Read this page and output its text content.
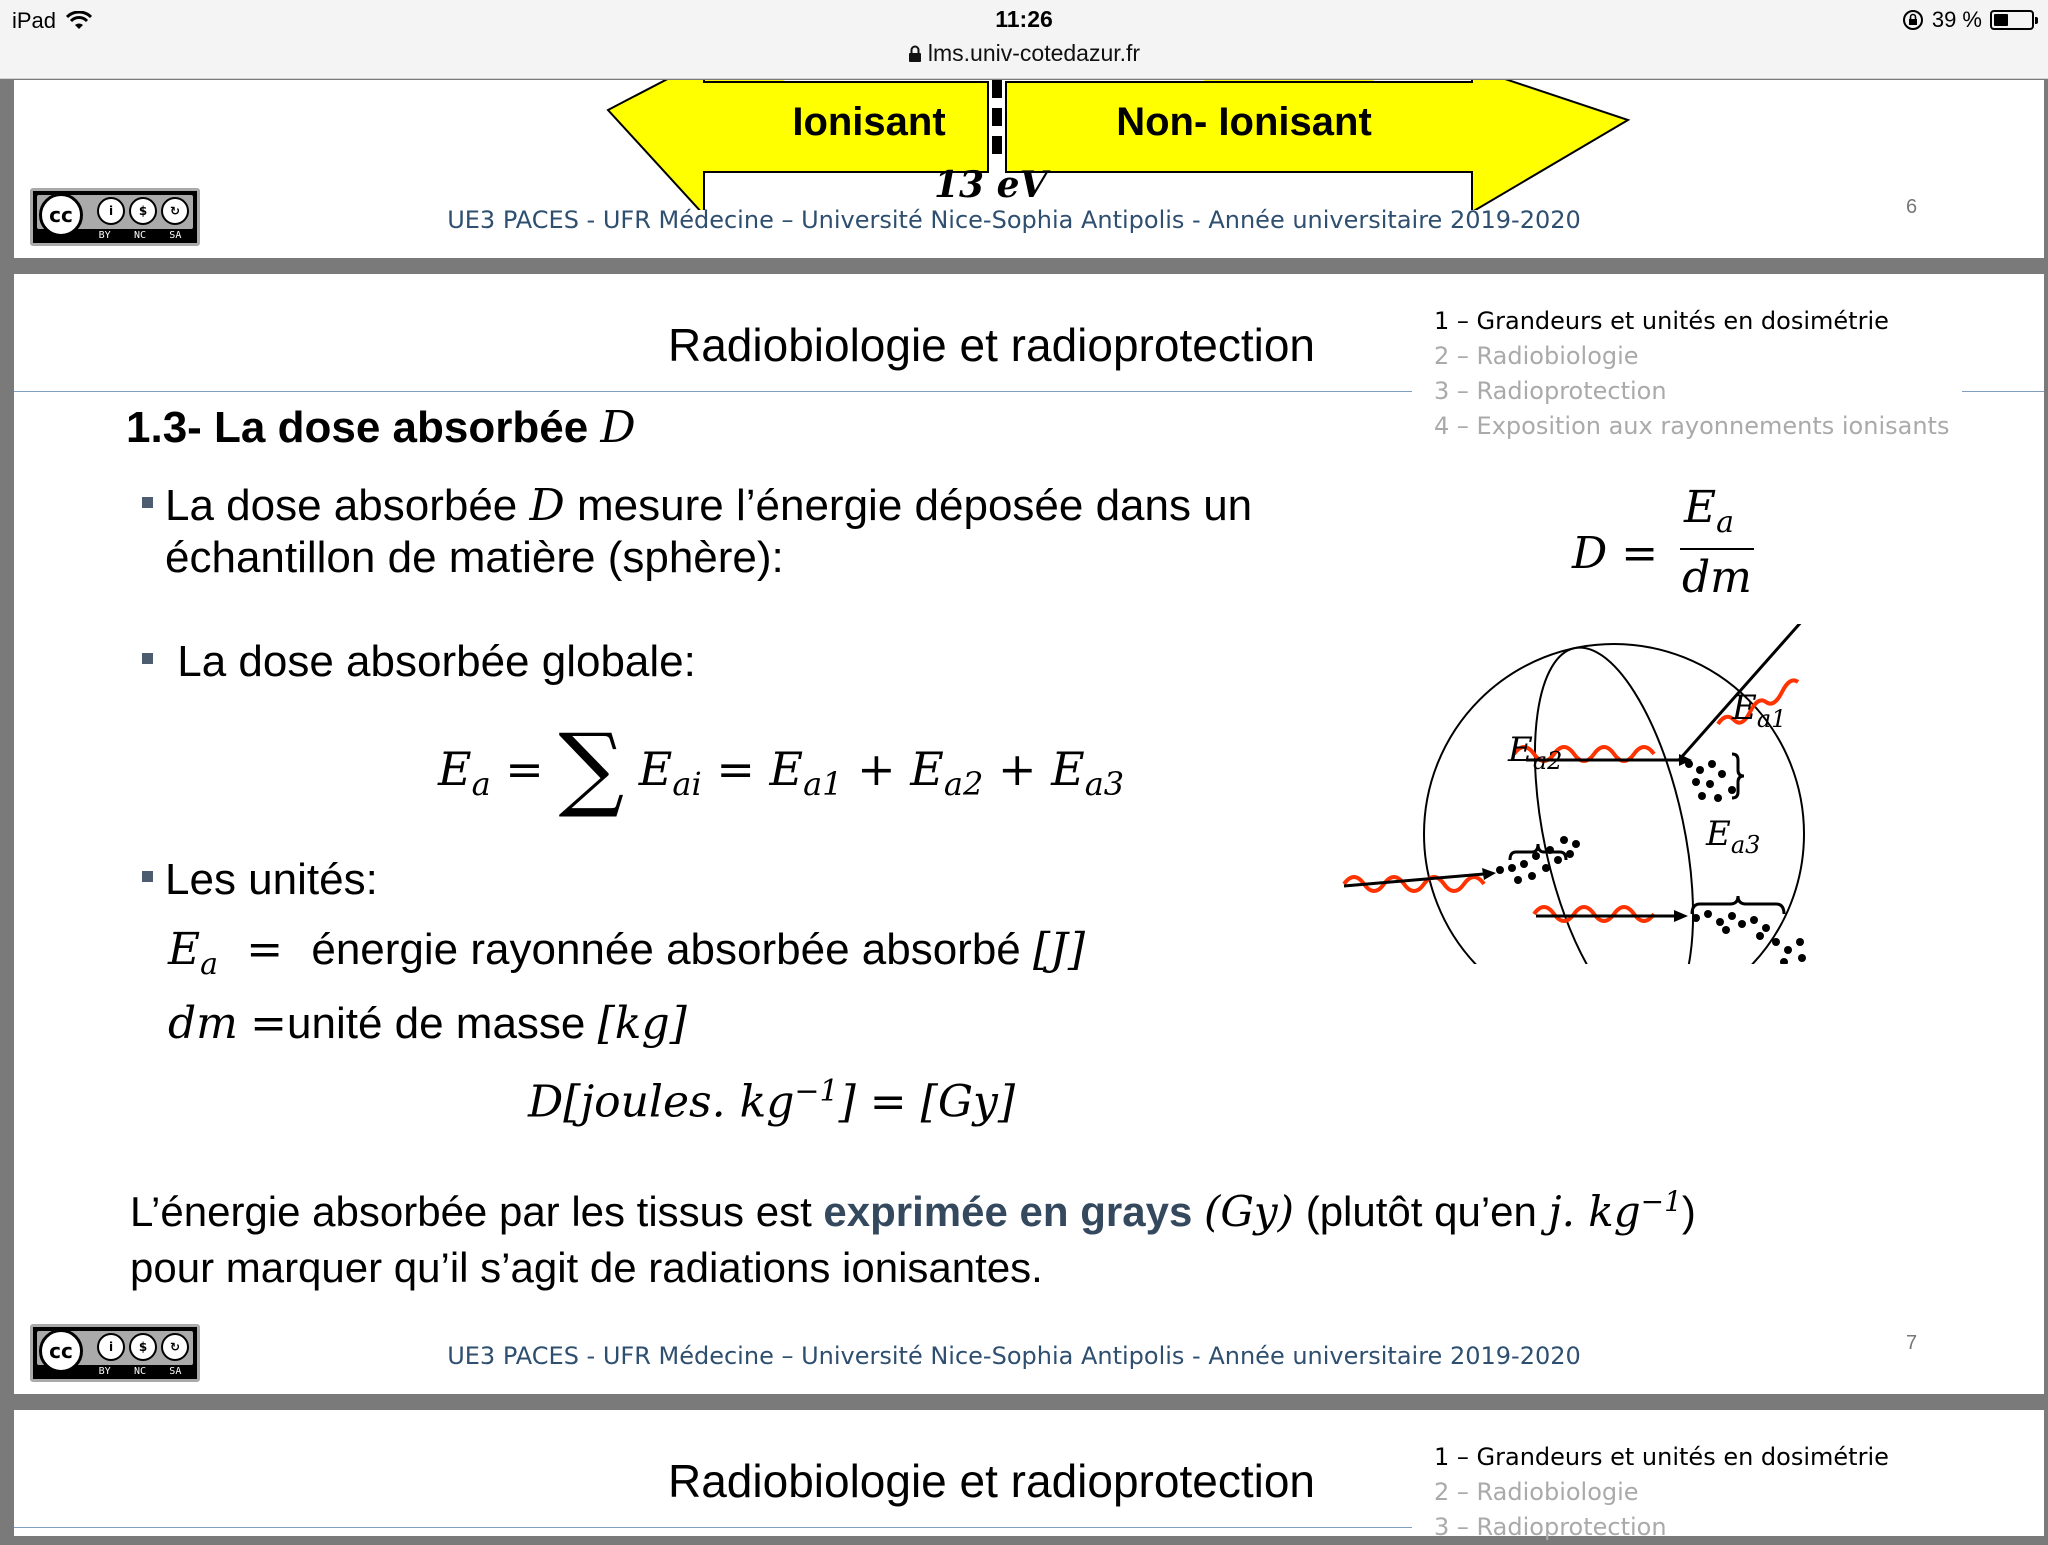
iPad	11:26
lms.univ-cotedazur.fr
39 %
Ionisant	Non- Ionisant
13 eV
cc	i	$	↻
BY NC SA
UE3 PACES - UFR Médecine – Université Nice-Sophia Antipolis - Année universitaire 2019-2020	6
Radiobiologie et radioprotection	1 – Grandeurs et unités en dosimétrie
2 – Radiobiologie
3 – Radioprotection
4 – Exposition aux rayonnements ionisants
1.3- La dose absorbée D
La dose absorbée D mesure l’énergie déposée dans un
échantillon de matière (sphère):	D =
$E_a$
dm
La dose absorbée globale:
$E_a$ = ∑ $E_{ai} = E_{a1} + E_{a2} + E_{a3}$
Les unités:
$E_a$ = énergie rayonnée absorbée absorbé [J]
dm =unité de masse [kg]
D[joules. $kg^{-1}] = [Gy]$
L’énergie absorbée par les tissus est exprimée en grays (Gy) (plutôt qu’en j. $kg^{-1}$)
pour marquer qu’il s’agit de radiations ionisantes.
$E_{a1}$
$E_{a2}$
$E_{a3}$
cc	i	$	↻
BY NC SA
UE3 PACES - UFR Médecine – Université Nice-Sophia Antipolis - Année universitaire 2019-2020	7
Radiobiologie et radioprotection	1 – Grandeurs et unités en dosimétrie
2 – Radiobiologie
3 – Radioprotection
